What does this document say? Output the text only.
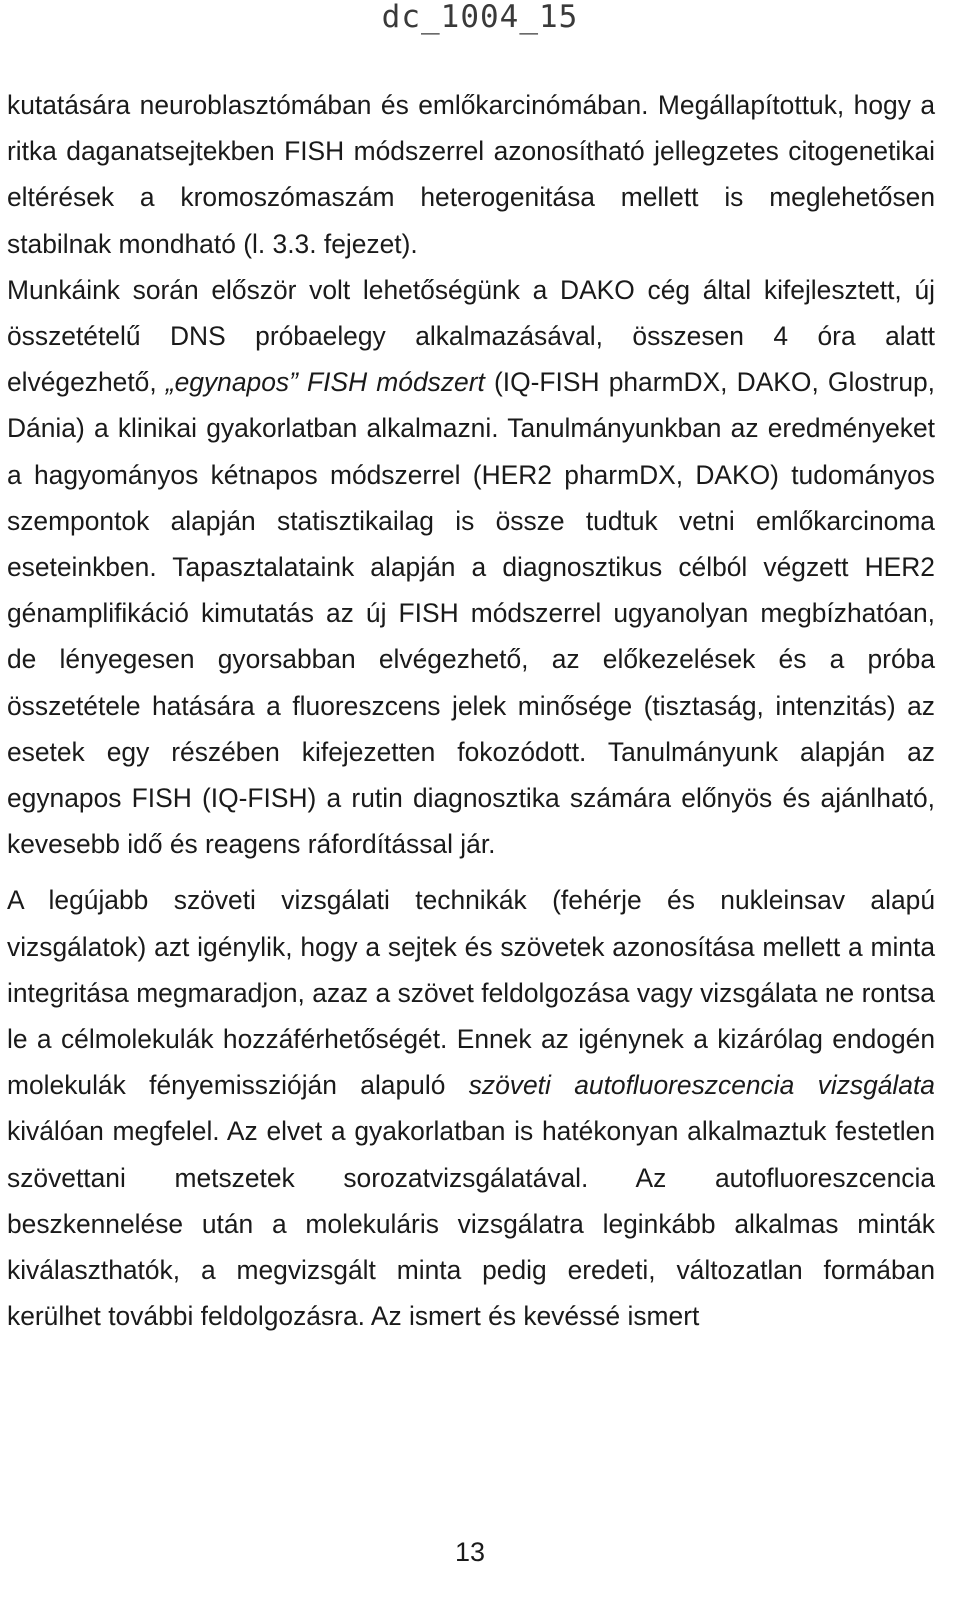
dc_1004_15

kutatására neuroblasztómában és emlőkarcinómában. Megállapítottuk, hogy a ritka daganatsejtekben FISH módszerrel azonosítható jellegzetes citogenetikai eltérések a kromoszómaszám heterogenitása mellett is meglehetősen stabilnak mondható (l. 3.3. fejezet).

Munkáink során először volt lehetőségünk a DAKO cég által kifejlesztett, új összetételű DNS próbaelegy alkalmazásával, összesen 4 óra alatt elvégezhető, „egynapos” FISH módszert (IQ-FISH pharmDX, DAKO, Glostrup, Dánia) a klinikai gyakorlatban alkalmazni. Tanulmányunkban az eredményeket a hagyományos kétnapos módszerrel (HER2 pharmDX, DAKO) tudományos szempontok alapján statisztikailag is össze tudtuk vetni emlőkarcinoma eseteinkben. Tapasztalataink alapján a diagnosztikus célból végzett HER2 génamplifikáció kimutatás az új FISH módszerrel ugyanolyan megbízhatóan, de lényegesen gyorsabban elvégezhető, az előkezelések és a próba összetétele hatására a fluoreszcens jelek minősége (tisztaság, intenzitás) az esetek egy részében kifejezetten fokozódott. Tanulmányunk alapján az egynapos FISH (IQ-FISH) a rutin diagnosztika számára előnyös és ajánlható, kevesebb idő és reagens ráfordítással jár.

A legújabb szöveti vizsgálati technikák (fehérje és nukleinsav alapú vizsgálatok) azt igénylik, hogy a sejtek és szövetek azonosítása mellett a minta integritása megmaradjon, azaz a szövet feldolgozása vagy vizsgálata ne rontsa le a célmolekulák hozzáférhetőségét. Ennek az igénynek a kizárólag endogén molekulák fényemisszióján alapuló szöveti autofluoreszcencia vizsgálata kiválóan megfelel. Az elvet a gyakorlatban is hatékonyan alkalmaztuk festetlen szövettani metszetek sorozatvizsgálatával. Az autofluoreszcencia beszkennelése után a molekuláris vizsgálatra leginkább alkalmas minták kiválaszthatók, a megvizsgált minta pedig eredeti, változatlan formában kerülhet további feldolgozásra. Az ismert és kevéssé ismert

13
